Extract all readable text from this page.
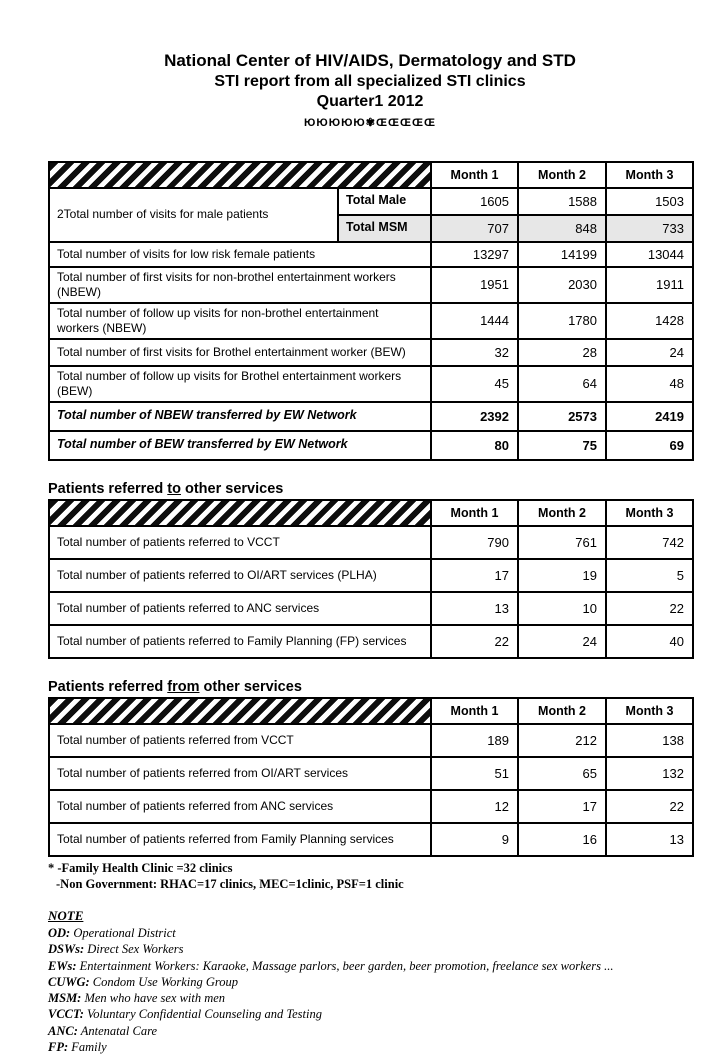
National Center of HIV/AIDS, Dermatology and STD
STI report from all specialized STI clinics
Quarter1 2012
ЮЮЮЮЮ✾ŒŒŒŒŒ
		Month 1	Month 2	Month 3
2Total number of visits for male patients	Total Male	1605	1588	1503
	Total MSM	707	848	733
Total number of visits for low risk female patients		13297	14199	13044
Total number of first visits for non-brothel entertainment workers (NBEW)		1951	2030	1911
Total number of follow up visits for non-brothel entertainment workers (NBEW)		1444	1780	1428
Total number of first visits for Brothel entertainment worker (BEW)		32	28	24
Total number of follow up visits for Brothel entertainment workers (BEW)		45	64	48
Total number of NBEW transferred by EW Network		2392	2573	2419
Total number of BEW transferred by EW Network		80	75	69
Patients referred to other services
	Month 1	Month 2	Month 3
Total number of patients referred to VCCT	790	761	742
Total number of patients referred to OI/ART services (PLHA)	17	19	5
Total number of patients referred to ANC services	13	10	22
Total number of patients referred to Family Planning (FP) services	22	24	40
Patients referred from other services
	Month 1	Month 2	Month 3
Total number of patients referred from VCCT	189	212	138
Total number of patients referred from OI/ART services	51	65	132
Total number of patients referred from ANC services	12	17	22
Total number of patients referred from Family Planning services	9	16	13
* -Family Health Clinic =32 clinics
-Non Government: RHAC=17 clinics, MEC=1clinic, PSF=1 clinic
NOTE
OD: Operational District
DSWs: Direct Sex Workers
EWs: Entertainment Workers: Karaoke, Massage parlors, beer garden, beer promotion, freelance sex workers ...
CUWG: Condom Use Working Group
MSM: Men who have sex with men
VCCT: Voluntary Confidential Counseling and Testing
ANC: Antenatal Care
FP: Family
